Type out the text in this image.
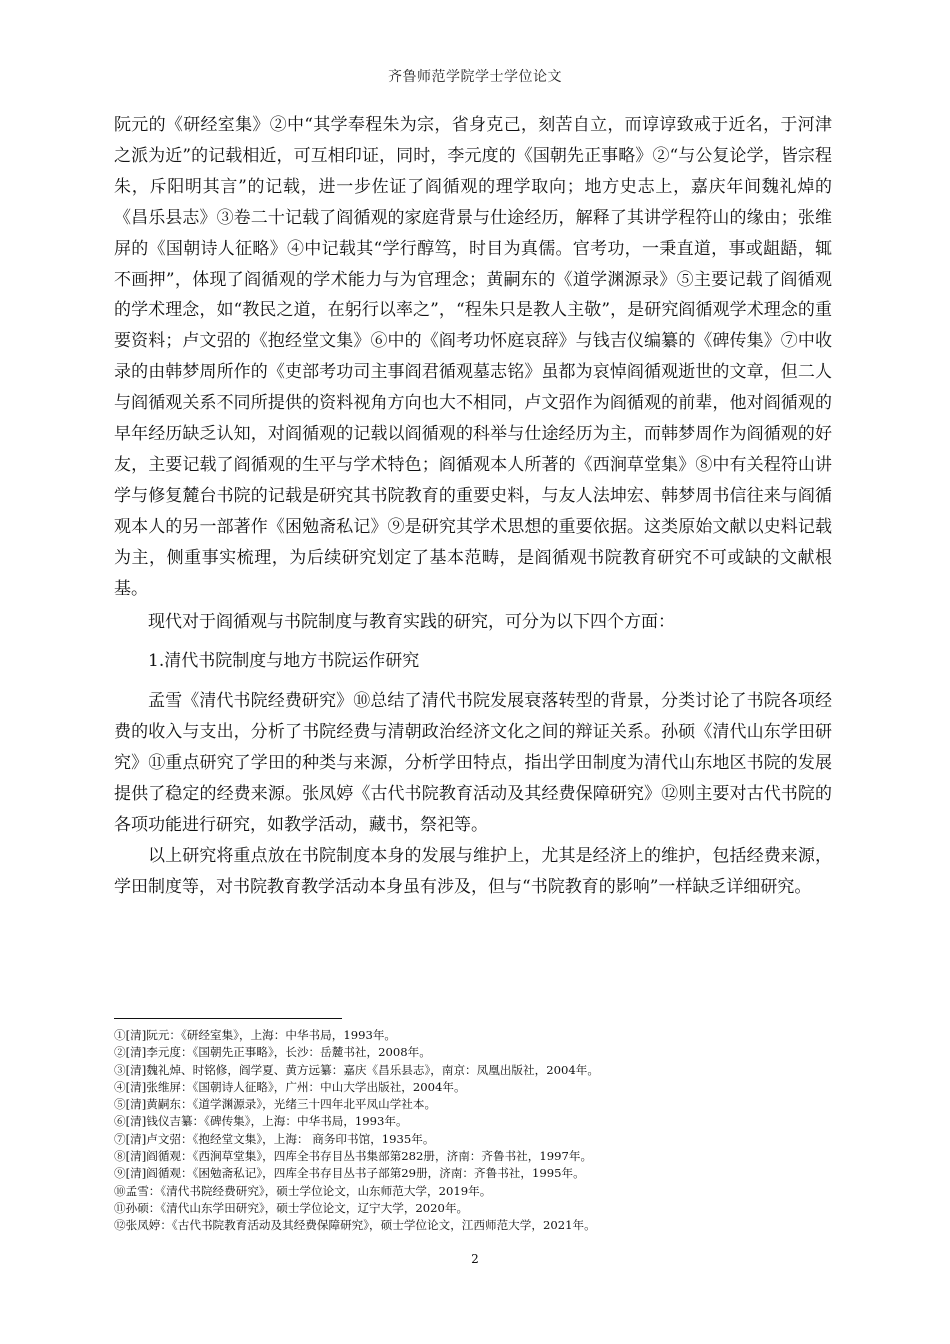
齐鲁师范学院学士学位论文

阮元的《研经室集》②中“其学奉程朱为宗，省身克己，刻苦自立，而谆谆致戒于近名，于河津之派为近”的记载相近，可互相印证，同时，李元度的《国朝先正事略》②“与公复论学，皆宗程朱，斥阳明其言”的记载，进一步佐证了阎循观的理学取向；地方史志上，嘉庆年间魏礼焯的《昌乐县志》③卷二十记载了阎循观的家庭背景与仕途经历，解释了其讲学程符山的缘由；张维屏的《国朝诗人征略》④中记载其“学行醇笃，时目为真儒。官考功，一秉直道，事或龃龉，辄不画押”，体现了阎循观的学术能力与为官理念；黄嗣东的《道学渊源录》⑤主要记载了阎循观的学术理念，如“教民之道，在躬行以率之”，“程朱只是教人主敬”，是研究阎循观学术理念的重要资料；卢文弨的《抱经堂文集》⑥中的《阎考功怀庭哀辞》与钱吉仪编纂的《碑传集》⑦中收录的由韩梦周所作的《吏部考功司主事阎君循观墓志铭》虽都为哀悼阎循观逝世的文章，但二人与阎循观关系不同所提供的资料视角方向也大不相同，卢文弨作为阎循观的前辈，他对阎循观的早年经历缺乏认知，对阎循观的记载以阎循观的科举与仕途经历为主，而韩梦周作为阎循观的好友，主要记载了阎循观的生平与学术特色；阎循观本人所著的《西涧草堂集》⑧中有关程符山讲学与修复麓台书院的记载是研究其书院教育的重要史料，与友人法坤宏、韩梦周书信往来与阎循观本人的另一部著作《困勉斋私记》⑨是研究其学术思想的重要依据。这类原始文献以史料记载为主，侧重事实梳理，为后续研究划定了基本范畴，是阎循观书院教育研究不可或缺的文献根基。

现代对于阎循观与书院制度与教育实践的研究，可分为以下四个方面：

1.清代书院制度与地方书院运作研究

孟雪《清代书院经费研究》⑩总结了清代书院发展衰落转型的背景，分类讨论了书院各项经费的收入与支出，分析了书院经费与清朝政治经济文化之间的辩证关系。孙硕《清代山东学田研究》⑪重点研究了学田的种类与来源，分析学田特点，指出学田制度为清代山东地区书院的发展提供了稳定的经费来源。张凤婷《古代书院教育活动及其经费保障研究》⑫则主要对古代书院的各项功能进行研究，如教学活动，藏书，祭祀等。

以上研究将重点放在书院制度本身的发展与维护上，尤其是经济上的维护，包括经费来源，学田制度等，对书院教育教学活动本身虽有涉及，但与“书院教育的影响”一样缺乏详细研究。

①[清]阮元：《研经室集》，上海：中华书局，1993年。
②[清]李元度：《国朝先正事略》，长沙：岳麓书社，2008年。
③[清]魏礼焯、时铭修，阎学夏、黄方远纂：嘉庆《昌乐县志》，南京：凤凰出版社，2004年。
④[清]张维屏：《国朝诗人征略》，广州：中山大学出版社，2004年。
⑤[清]黄嗣东：《道学渊源录》，光绪三十四年北平凤山学社本。
⑥[清]钱仪吉纂：《碑传集》，上海：中华书局，1993年。
⑦[清]卢文弨：《抱经堂文集》，上海： 商务印书馆，1935年。
⑧[清]阎循观：《西涧草堂集》，四库全书存目丛书集部第282册，济南：齐鲁书社，1997年。
⑨[清]阎循观：《困勉斋私记》，四库全书存目丛书子部第29册，济南：齐鲁书社，1995年。
⑩孟雪：《清代书院经费研究》，硕士学位论文，山东师范大学，2019年。
⑪孙硕：《清代山东学田研究》，硕士学位论文，辽宁大学，2020年。
⑫张凤婷：《古代书院教育活动及其经费保障研究》，硕士学位论文，江西师范大学，2021年。
2
